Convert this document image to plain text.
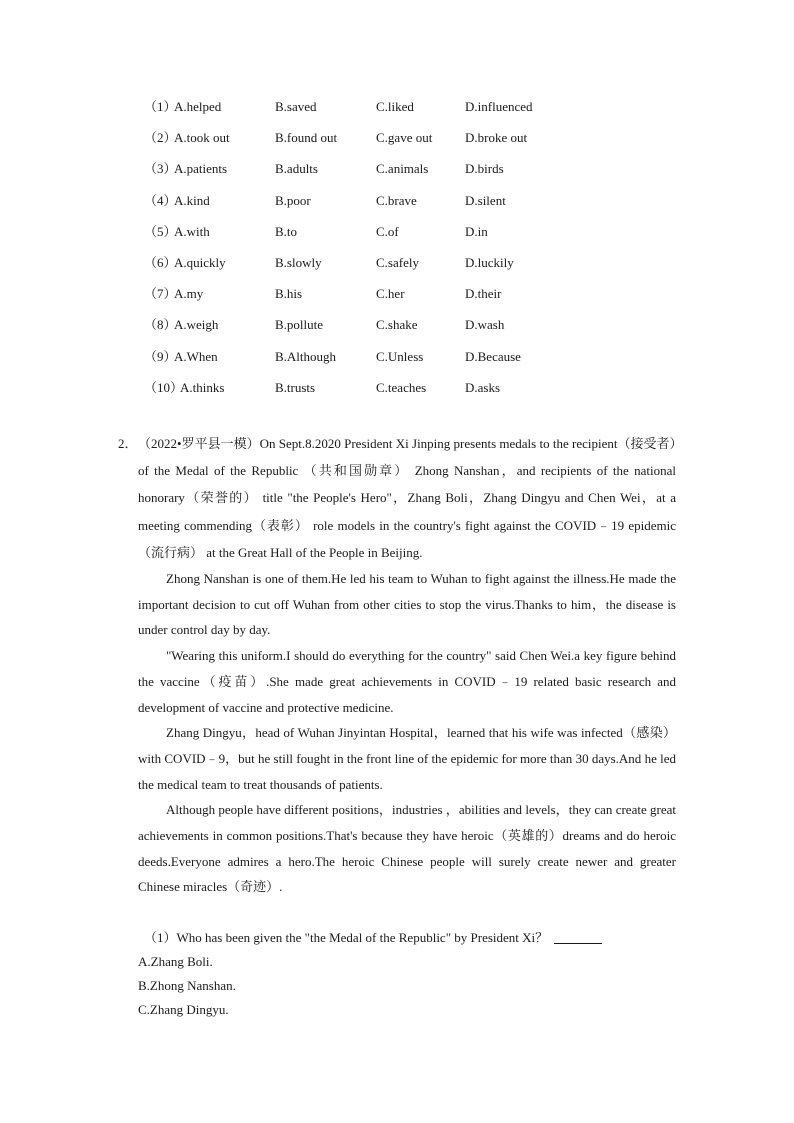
（1）
A.helped	B.saved	C.liked	D.influenced
（2）
A.took out	B.found out	C.gave out	D.broke out
（3）
A.patients	B.adults	C.animals	D.birds
（4）
A.kind	B.poor	C.brave	D.silent
（5）
A.with	B.to	C.of	D.in
（6）
A.quickly	B.slowly	C.safely	D.luckily
（7）
A.my	B.his	C.her	D.their
（8）
A.weigh	B.pollute	C.shake	D.wash
（9）
A.When	B.Although	C.Unless	D.Because
（10）
A.thinks	B.trusts	C.teaches	D.asks
2． （2022•罗平县一模）On Sept.8.2020 President Xi Jinping presents medals to the recipient（接受者）of the Medal of the Republic （共和国勋章） Zhong Nanshan，and recipients of the national honorary（荣誉的） title "the People's Hero"，Zhang Boli，Zhang Dingyu and Chen Wei，at a meeting commending（表彰） role models in the country's fight against the COVID﹣19 epidemic（流行病） at the Great Hall of the People in Beijing.

Zhong Nanshan is one of them.He led his team to Wuhan to fight against the illness.He made the important decision to cut off Wuhan from other cities to stop the virus.Thanks to him，the disease is under control day by day.

"Wearing this uniform.I should do everything for the country" said Chen Wei.a key figure behind the vaccine（疫苗）.She made great achievements in COVID﹣19 related basic research and development of vaccine and protective medicine.

Zhang Dingyu，head of Wuhan Jinyintan Hospital，learned that his wife was infected（感染）with COVID﹣9，but he still fought in the front line of the epidemic for more than 30 days.And he led the medical team to treat thousands of patients.

Although people have different positions，industries ，abilities and levels，they can create great achievements in common positions.That's because they have heroic（英雄的）dreams and do heroic deeds.Everyone admires a hero.The heroic Chinese people will surely create newer and greater Chinese miracles（奇迹）.

（1）Who has been given the "the Medal of the Republic" by President Xi？
A.Zhang Boli.
B.Zhong Nanshan.
C.Zhang Dingyu.
